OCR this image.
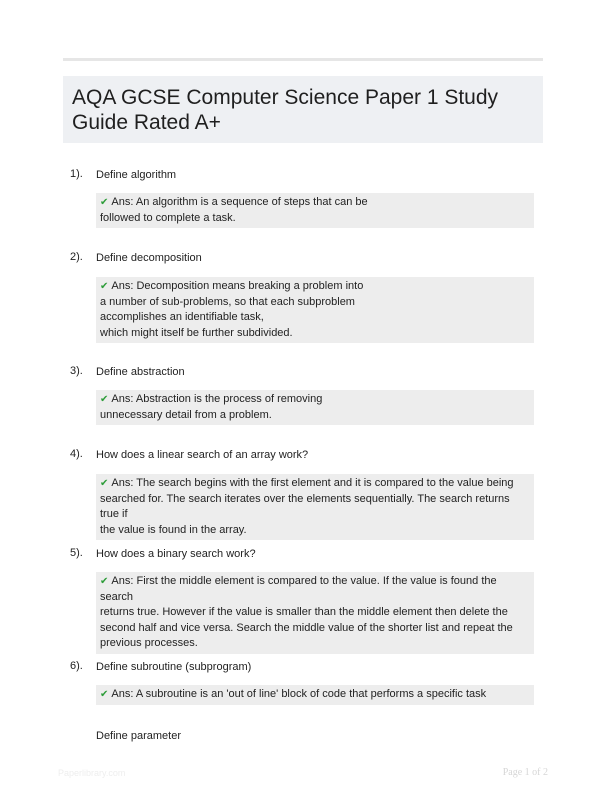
AQA GCSE Computer Science Paper 1 Study Guide Rated A+
1). Define algorithm
✔ Ans: An algorithm is a sequence of steps that can be
followed to complete a task.
2). Define decomposition
✔ Ans: Decomposition means breaking a problem into
a number of sub-problems, so that each subproblem
accomplishes an identifiable task,
which might itself be further subdivided.
3). Define abstraction
✔ Ans: Abstraction is the process of removing
unnecessary detail from a problem.
4). How does a linear search of an array work?
✔ Ans: The search begins with the first element and it is compared to the value being
searched for. The search iterates over the elements sequentially. The search returns true if
the value is found in the array.
5). How does a binary search work?
✔ Ans: First the middle element is compared to the value. If the value is found the search
returns true. However if the value is smaller than the middle element then delete the
second half and vice versa. Search the middle value of the shorter list and repeat the
previous processes.
6). Define subroutine (subprogram)
✔ Ans: A subroutine is an 'out of line' block of code that performs a specific task
Define parameter
Paperlibrary.com	Page 1 of 2
